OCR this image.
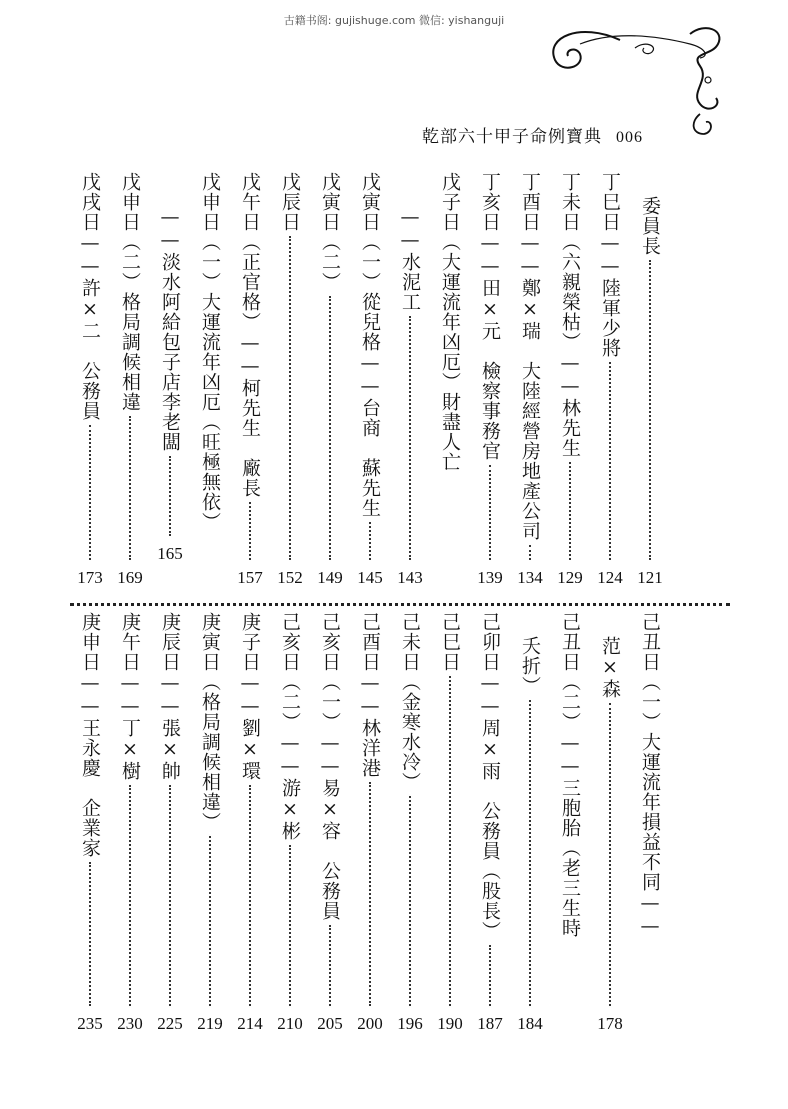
古籍书阁: gujishuge.com 微信: yishanguji
乾部六十甲子命例寶典 006
委員長
丁巳日——陸軍少將
丁未日（六親榮枯）——林先生
丁酉日——鄭×瑞　大陸經營房地產公司
丁亥日——田×元　檢察事務官
戊子日（大運流年凶厄）財盡人亡
——水泥工
戊寅日（一）從兒格——台商　蘇先生
戊寅日（二）
戊辰日
戊午日（正官格）——柯先生　廠長
戊申日（一）大運流年凶厄（旺極無依）
——淡水阿給包子店李老闆
戊申日（二）格局調候相違
戊戌日——許×二　公務員
121
124
129
134
139
143
145
149
152
157
165
169
173
己丑日（一）大運流年損益不同——
范×森
己丑日（二）——三胞胎（老三生時
夭折）
己卯日——周×雨　公務員（股長）
己巳日
己未日（金寒水冷）
己酉日——林洋港
己亥日（一）——易×容　公務員
己亥日（二）——游×彬
庚子日——劉×環
庚寅日（格局調候相違）
庚辰日——張×帥
庚午日——丁×樹
庚申日——王永慶　企業家
178
184
187
190
196
200
205
210
214
219
225
230
235
